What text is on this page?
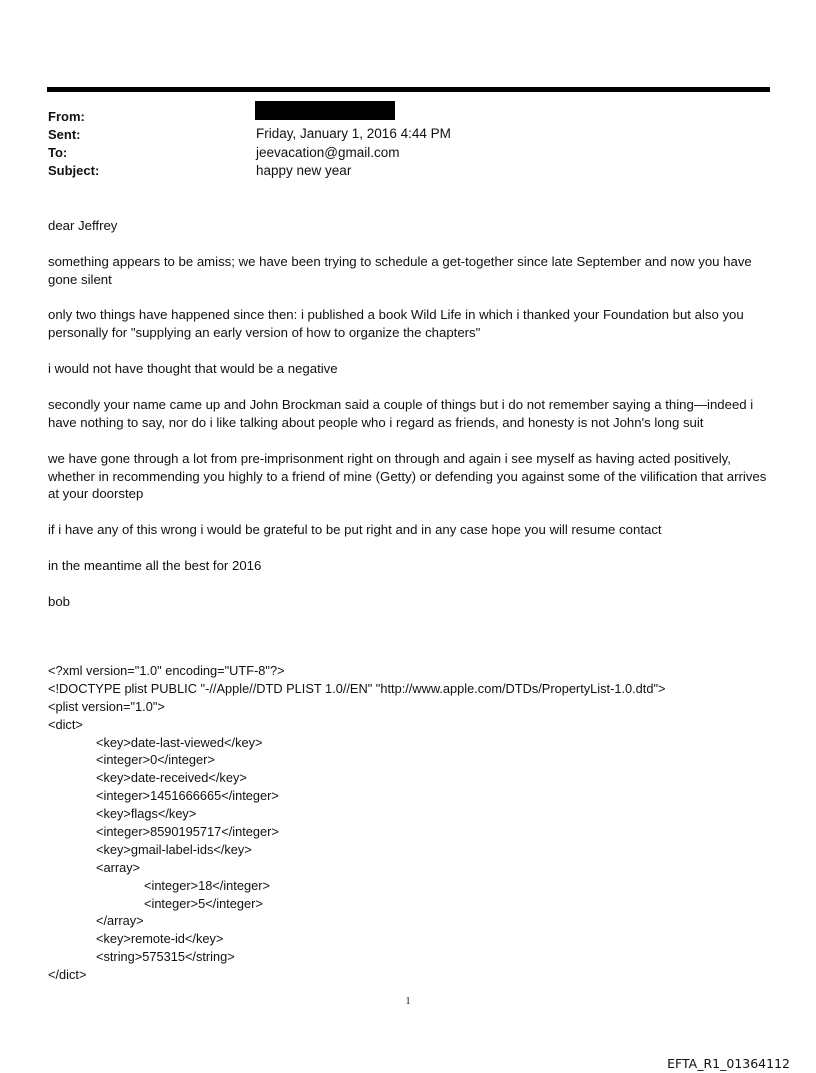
From:
Sent:	Friday, January 1, 2016 4:44 PM
To:	jeevacation@gmail.com
Subject:	happy new year

dear Jeffrey

something appears to be amiss; we have been trying to schedule a get-together since late September and now you have gone silent

only two things have happened since then: i published a book Wild Life in which i thanked your Foundation but also you personally for "supplying an early version of how to organize the chapters"

i would not have thought that would be a negative

secondly your name came up and John Brockman said a couple of things but i do not remember saying a thing—indeed i have nothing to say, nor do i like talking about people who i regard as friends, and honesty is not John's long suit

we have gone through a lot from pre-imprisonment right on through and again i see myself as having acted positively, whether in recommending you highly to a friend of mine (Getty) or defending you against some of the vilification that arrives at your doorstep

if i have any of this wrong i would be grateful to be put right and in any case hope you will resume contact

in the meantime all the best for 2016

bob

<?xml version="1.0" encoding="UTF-8"?>
<!DOCTYPE plist PUBLIC "-//Apple//DTD PLIST 1.0//EN" "http://www.apple.com/DTDs/PropertyList-1.0.dtd">
<plist version="1.0">
<dict>
<key>date-last-viewed</key>
<integer>0</integer>
<key>date-received</key>
<integer>1451666665</integer>
<key>flags</key>
<integer>8590195717</integer>
<key>gmail-label-ids</key>
<array>
<integer>18</integer>
<integer>5</integer>
</array>
<key>remote-id</key>
<string>575315</string>
</dict>
1
EFTA_R1_01364112
